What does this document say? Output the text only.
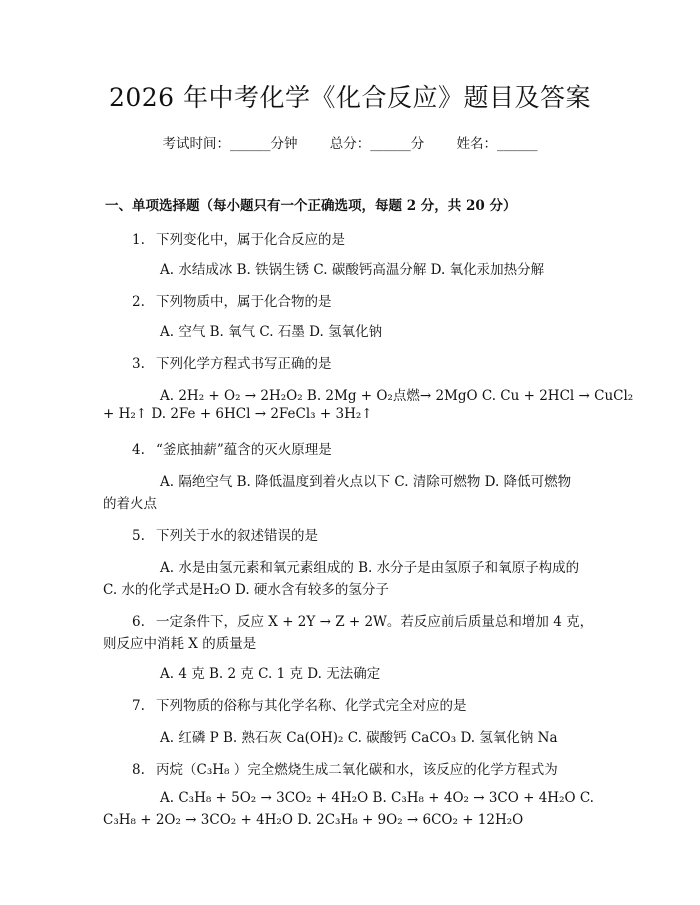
2026 年中考化学《化合反应》题目及答案
考试时间：______分钟 总分：______分 姓名：______
一、单项选择题（每小题只有一个正确选项，每题 2 分，共 20 分）
1. 下列变化中，属于化合反应的是
A. 水结成冰 B. 铁锅生锈 C. 碳酸钙高温分解 D. 氧化汞加热分解
2. 下列物质中，属于化合物的是
A. 空气 B. 氧气 C. 石墨 D. 氢氧化钠
3. 下列化学方程式书写正确的是
A. 2H₂ + O₂ → 2H₂O₂ B. 2Mg + O₂点燃→ 2MgO C. Cu + 2HCl → CuCl₂
+ H₂↑ D. 2Fe + 6HCl → 2FeCl₃ + 3H₂↑
4. “釜底抽薪”蕴含的灭火原理是
A. 隔绝空气 B. 降低温度到着火点以下 C. 清除可燃物 D. 降低可燃物
的着火点
5. 下列关于水的叙述错误的是
A. 水是由氢元素和氧元素组成的 B. 水分子是由氢原子和氧原子构成的
C. 水的化学式是H₂O D. 硬水含有较多的氢分子
6. 一定条件下，反应 X + 2Y → Z + 2W。若反应前后质量总和增加 4 克，
则反应中消耗 X 的质量是
A. 4 克 B. 2 克 C. 1 克 D. 无法确定
7. 下列物质的俗称与其化学名称、化学式完全对应的是
A. 红磷 P B. 熟石灰 Ca(OH)₂ C. 碳酸钙 CaCO₃ D. 氢氧化钠 Na
8. 丙烷（C₃H₈ ）完全燃烧生成二氧化碳和水，该反应的化学方程式为
A. C₃H₈ + 5O₂ → 3CO₂ + 4H₂O B. C₃H₈ + 4O₂ → 3CO + 4H₂O C.
C₃H₈ + 2O₂ → 3CO₂ + 4H₂O D. 2C₃H₈ + 9O₂ → 6CO₂ + 12H₂O
